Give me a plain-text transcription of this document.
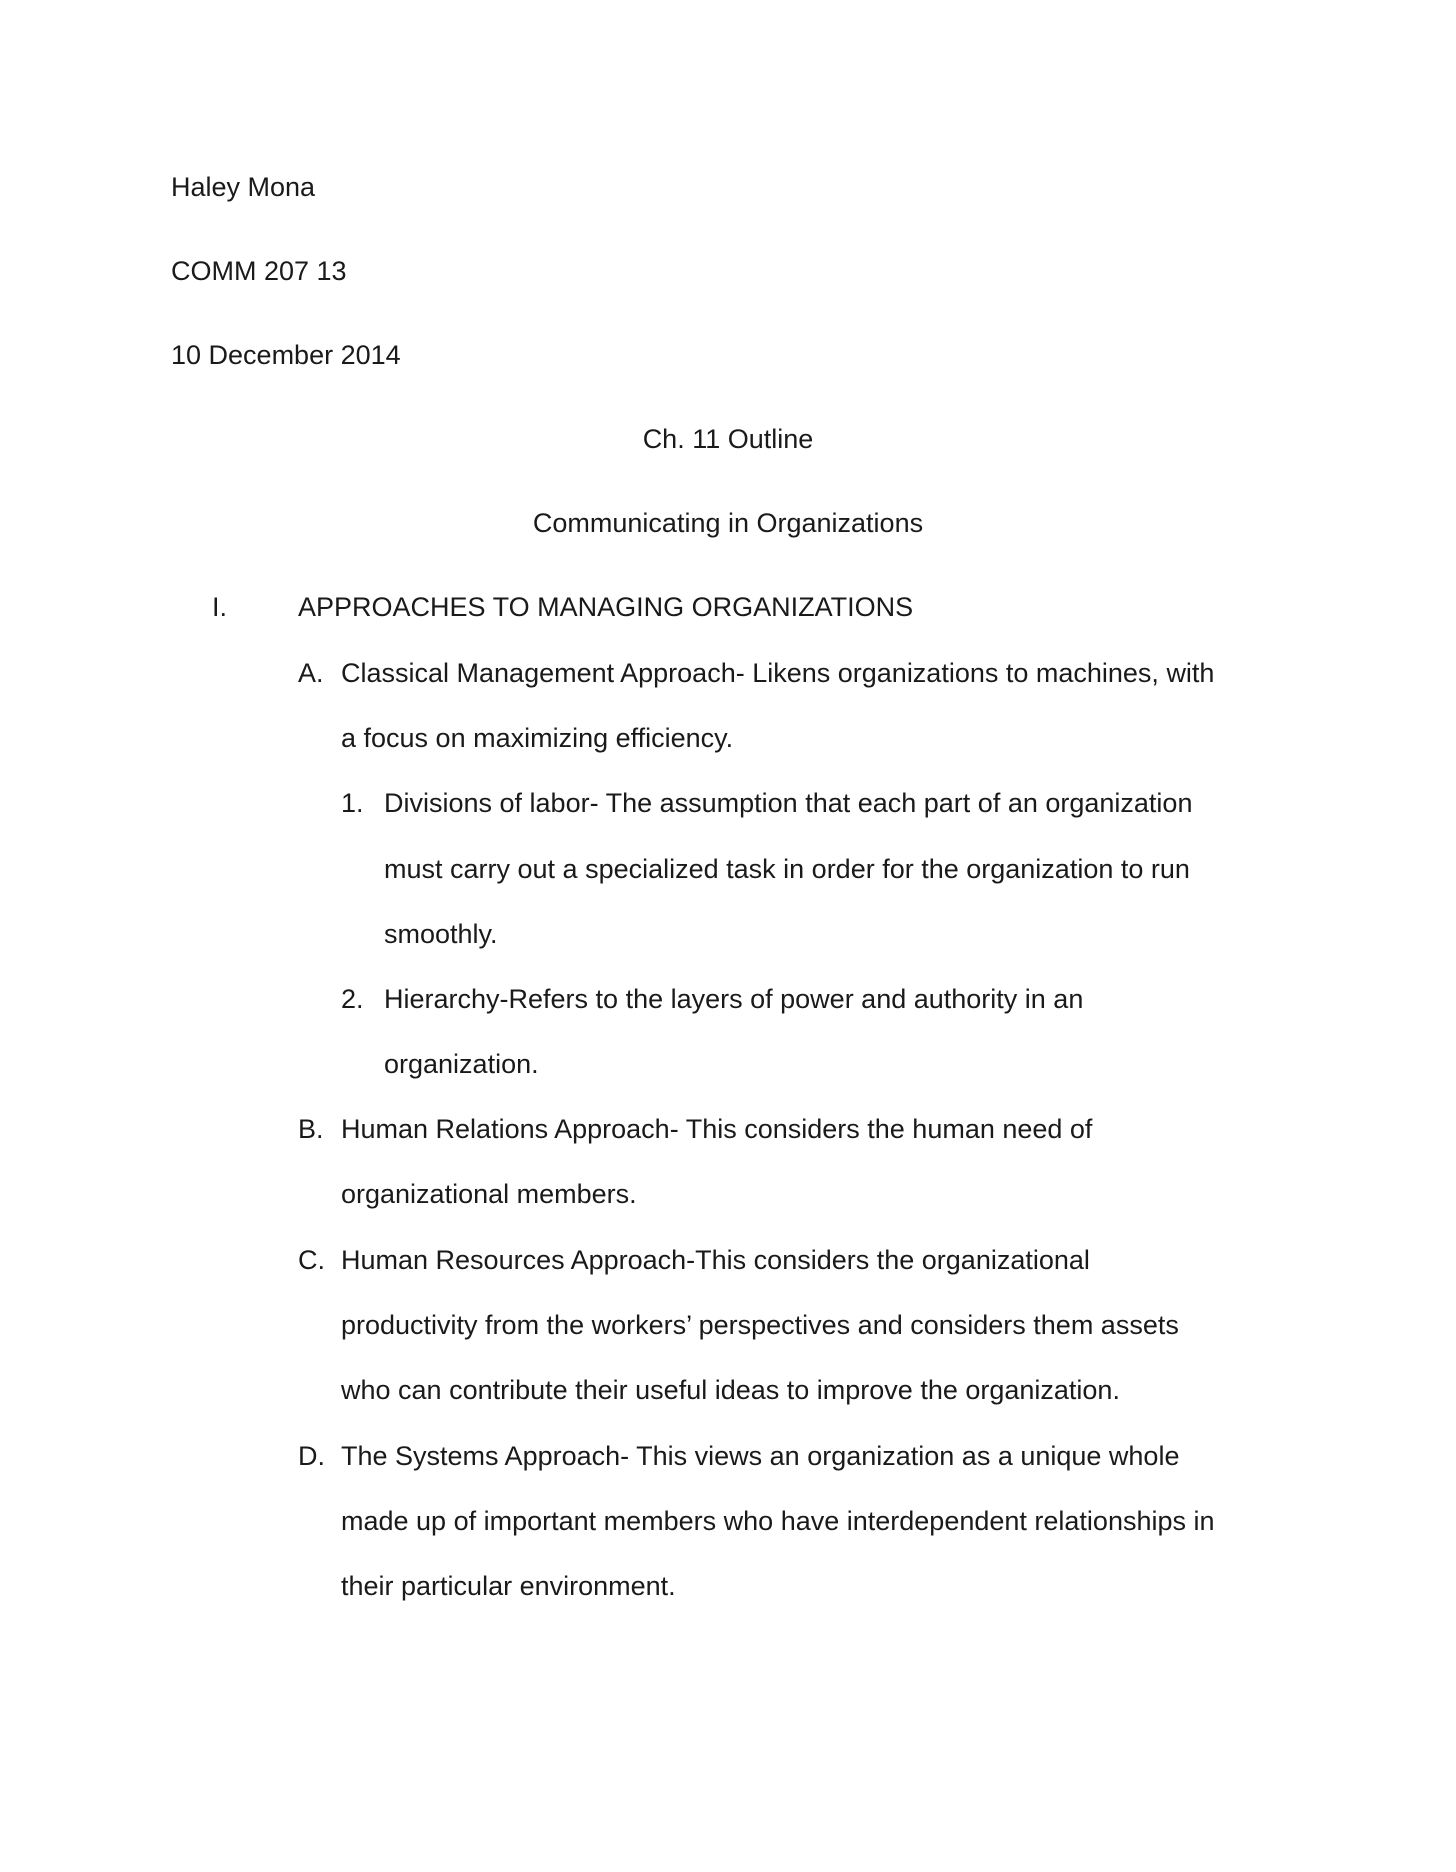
Haley Mona
COMM 207 13
10 December 2014
Ch. 11 Outline
Communicating in Organizations
I.	APPROACHES TO MANAGING ORGANIZATIONS
A. Classical Management Approach- Likens organizations to machines, with
a focus on maximizing efficiency.
1. Divisions of labor- The assumption that each part of an organization
must carry out a specialized task in order for the organization to run
smoothly.
2. Hierarchy-Refers to the layers of power and authority in an
organization.
B. Human Relations Approach- This considers the human need of
organizational members.
C. Human Resources Approach-This considers the organizational
productivity from the workers’ perspectives and considers them assets
who can contribute their useful ideas to improve the organization.
D. The Systems Approach- This views an organization as a unique whole
made up of important members who have interdependent relationships in
their particular environment.
